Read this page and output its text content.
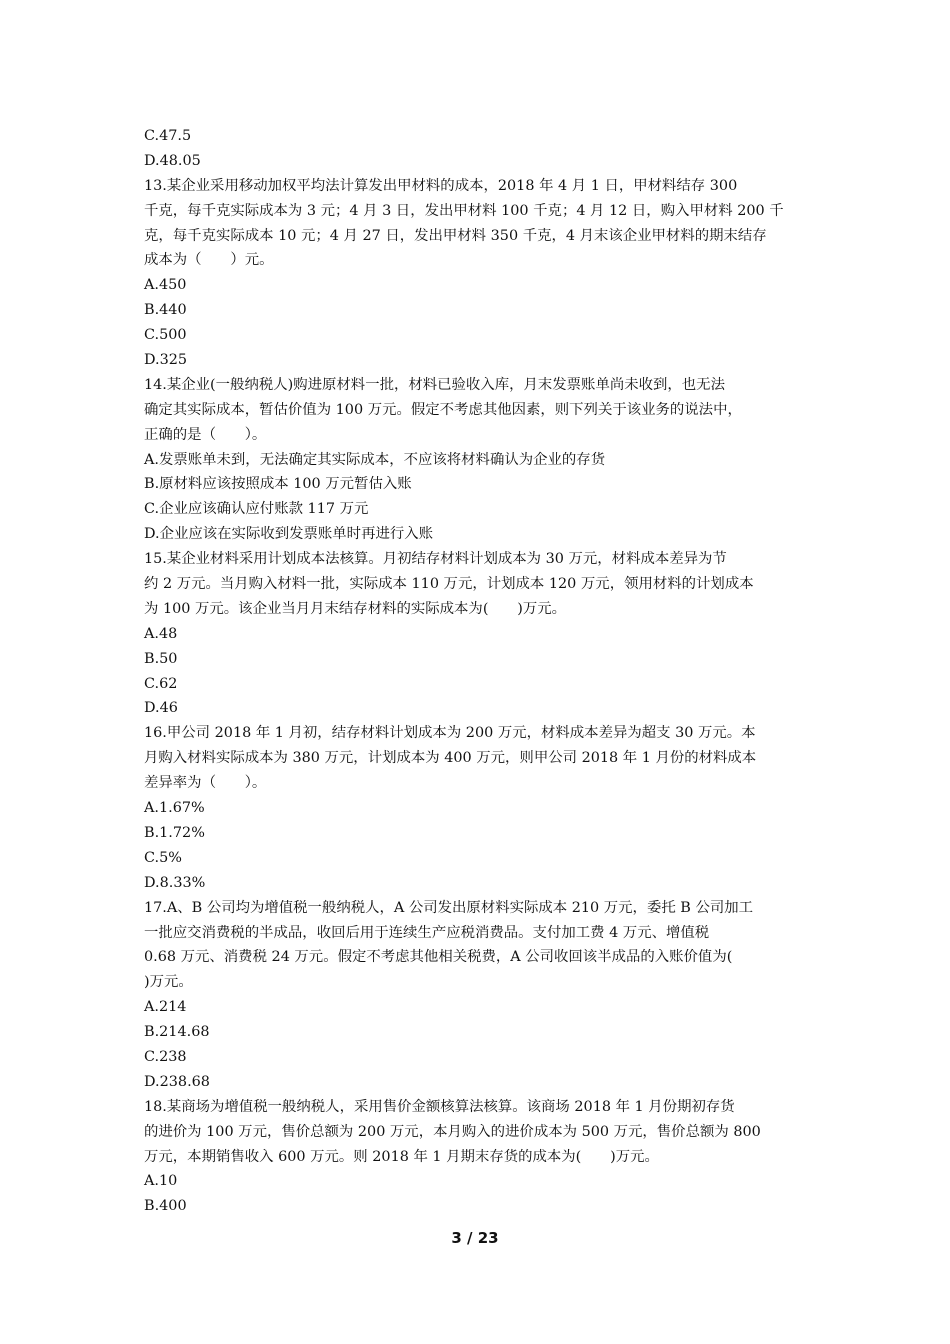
C.47.5
D.48.05
13.某企业采用移动加权平均法计算发出甲材料的成本，2018 年 4 月 1 日，甲材料结存 300
千克，每千克实际成本为 3 元；4 月 3 日，发出甲材料 100 千克；4 月 12 日，购入甲材料 200 千
克，每千克实际成本 10 元；4 月 27 日，发出甲材料 350 千克，4 月末该企业甲材料的期末结存
成本为（　　）元。
A.450
B.440
C.500
D.325
14.某企业(一般纳税人)购进原材料一批，材料已验收入库，月末发票账单尚未收到，也无法
确定其实际成本，暂估价值为 100 万元。假定不考虑其他因素，则下列关于该业务的说法中，
正确的是（　　）。
A.发票账单未到，无法确定其实际成本，不应该将材料确认为企业的存货
B.原材料应该按照成本 100 万元暂估入账
C.企业应该确认应付账款 117 万元
D.企业应该在实际收到发票账单时再进行入账
15.某企业材料采用计划成本法核算。月初结存材料计划成本为 30 万元，材料成本差异为节
约 2 万元。当月购入材料一批，实际成本 110 万元，计划成本 120 万元，领用材料的计划成本
为 100 万元。该企业当月月末结存材料的实际成本为(　　)万元。
A.48
B.50
C.62
D.46
16.甲公司 2018 年 1 月初，结存材料计划成本为 200 万元，材料成本差异为超支 30 万元。本
月购入材料实际成本为 380 万元，计划成本为 400 万元，则甲公司 2018 年 1 月份的材料成本
差异率为（　　）。
A.1.67%
B.1.72%
C.5%
D.8.33%
17.A、B 公司均为增值税一般纳税人，A 公司发出原材料实际成本 210 万元，委托 B 公司加工
一批应交消费税的半成品，收回后用于连续生产应税消费品。支付加工费 4 万元、增值税
0.68 万元、消费税 24 万元。假定不考虑其他相关税费，A 公司收回该半成品的入账价值为(
)万元。
A.214
B.214.68
C.238
D.238.68
18.某商场为增值税一般纳税人，采用售价金额核算法核算。该商场 2018 年 1 月份期初存货
的进价为 100 万元，售价总额为 200 万元，本月购入的进价成本为 500 万元，售价总额为 800
万元，本期销售收入 600 万元。则 2018 年 1 月期末存货的成本为(　　)万元。
A.10
B.400
3 / 23
